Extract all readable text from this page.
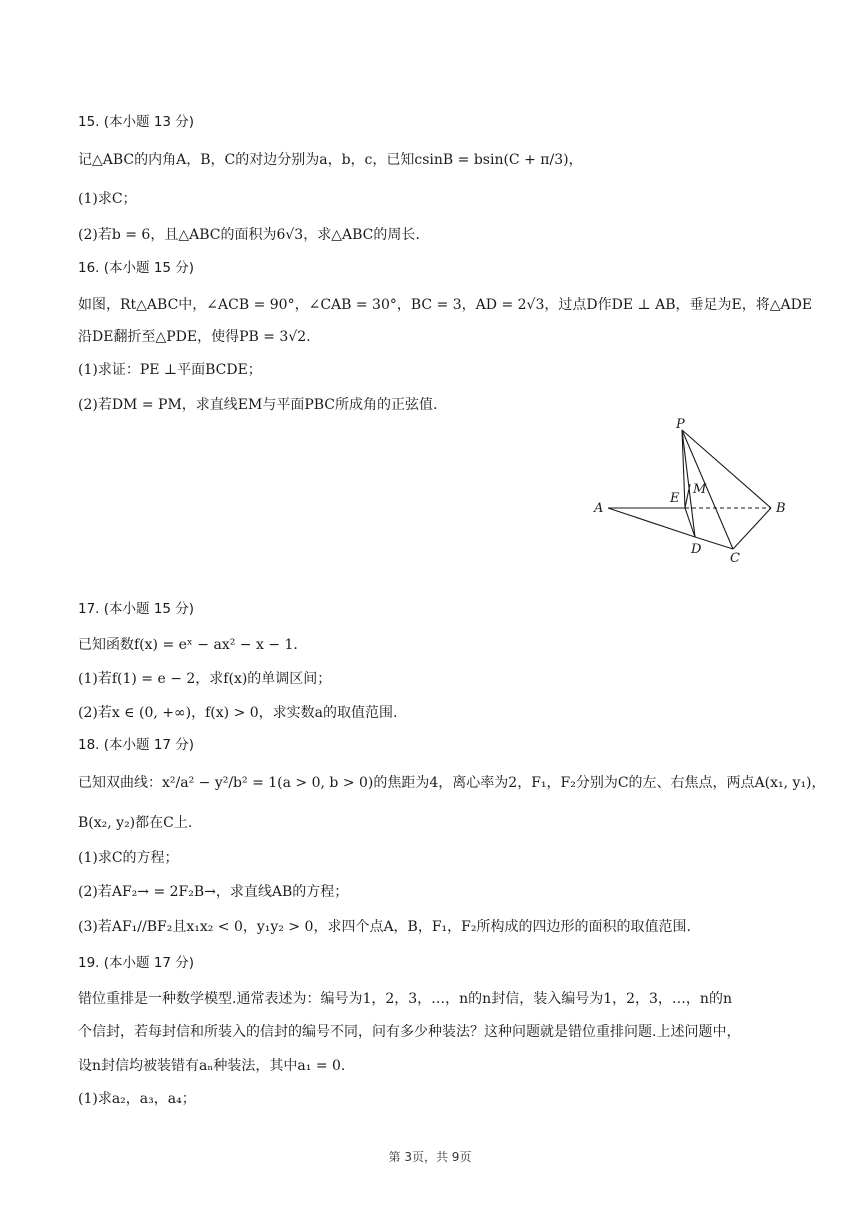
15. (本小题 13 分)
记△ABC的内角A，B，C的对边分别为a，b，c，已知csinB = bsin(C + π/3)，
(1)求C；
(2)若b = 6，且△ABC的面积为6√3，求△ABC的周长.
16. (本小题 15 分)
如图，Rt△ABC中，∠ACB = 90°，∠CAB = 30°，BC = 3，AD = 2√3，过点D作DE ⊥ AB，垂足为E，将△ADE
沿DE翻折至△PDE，使得PB = 3√2.
(1)求证：PE ⊥平面BCDE；
(2)若DM = PM，求直线EM与平面PBC所成角的正弦值.
P
M
E
A	B
D
C
17. (本小题 15 分)
已知函数f(x) = eˣ − ax² − x − 1.
(1)若f(1) = e − 2，求f(x)的单调区间；
(2)若x ∈ (0, +∞)，f(x) > 0，求实数a的取值范围.
18. (本小题 17 分)
已知双曲线：x²/a² − y²/b² = 1(a > 0, b > 0)的焦距为4，离心率为2，F₁，F₂分别为C的左、右焦点，两点A(x₁, y₁)，
B(x₂, y₂)都在C上.
(1)求C的方程；
(2)若AF₂→ = 2F₂B→，求直线AB的方程；
(3)若AF₁//BF₂且x₁x₂ < 0，y₁y₂ > 0，求四个点A，B，F₁，F₂所构成的四边形的面积的取值范围.
19. (本小题 17 分)
错位重排是一种数学模型.通常表述为：编号为1，2，3，…，n的n封信，装入编号为1，2，3，…，n的n
个信封，若每封信和所装入的信封的编号不同，问有多少种装法？这种问题就是错位重排问题.上述问题中，
设n封信均被装错有aₙ种装法，其中a₁ = 0.
(1)求a₂，a₃，a₄；
第 3页，共 9页
